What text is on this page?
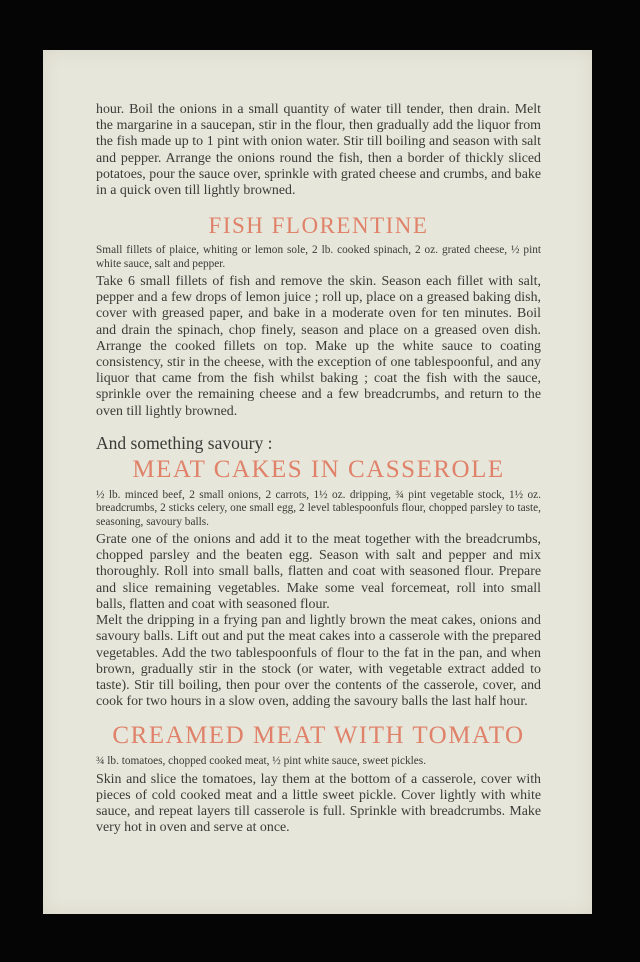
hour. Boil the onions in a small quantity of water till tender, then drain. Melt the margarine in a saucepan, stir in the flour, then gradually add the liquor from the fish made up to 1 pint with onion water. Stir till boiling and season with salt and pepper. Arrange the onions round the fish, then a border of thickly sliced potatoes, pour the sauce over, sprinkle with grated cheese and crumbs, and bake in a quick oven till lightly browned.

FISH FLORENTINE

Small fillets of plaice, whiting or lemon sole, 2 lb. cooked spinach, 2 oz. grated cheese, ½ pint white sauce, salt and pepper.

Take 6 small fillets of fish and remove the skin. Season each fillet with salt, pepper and a few drops of lemon juice ; roll up, place on a greased baking dish, cover with greased paper, and bake in a moderate oven for ten minutes. Boil and drain the spinach, chop finely, season and place on a greased oven dish. Arrange the cooked fillets on top. Make up the white sauce to coating consistency, stir in the cheese, with the exception of one tablespoonful, and any liquor that came from the fish whilst baking ; coat the fish with the sauce, sprinkle over the remaining cheese and a few breadcrumbs, and return to the oven till lightly browned.

And something savoury :

MEAT CAKES IN CASSEROLE

½ lb. minced beef, 2 small onions, 2 carrots, 1½ oz. dripping, ¾ pint vegetable stock, 1½ oz. breadcrumbs, 2 sticks celery, one small egg, 2 level tablespoonfuls flour, chopped parsley to taste, seasoning, savoury balls.

Grate one of the onions and add it to the meat together with the breadcrumbs, chopped parsley and the beaten egg. Season with salt and pepper and mix thoroughly. Roll into small balls, flatten and coat with seasoned flour. Prepare and slice remaining vegetables. Make some veal forcemeat, roll into small balls, flatten and coat with seasoned flour.

Melt the dripping in a frying pan and lightly brown the meat cakes, onions and savoury balls. Lift out and put the meat cakes into a casserole with the prepared vegetables. Add the two tablespoonfuls of flour to the fat in the pan, and when brown, gradually stir in the stock (or water, with vegetable extract added to taste). Stir till boiling, then pour over the contents of the casserole, cover, and cook for two hours in a slow oven, adding the savoury balls the last half hour.

CREAMED MEAT WITH TOMATO

¾ lb. tomatoes, chopped cooked meat, ½ pint white sauce, sweet pickles.

Skin and slice the tomatoes, lay them at the bottom of a casserole, cover with pieces of cold cooked meat and a little sweet pickle. Cover lightly with white sauce, and repeat layers till casserole is full. Sprinkle with breadcrumbs. Make very hot in oven and serve at once.
